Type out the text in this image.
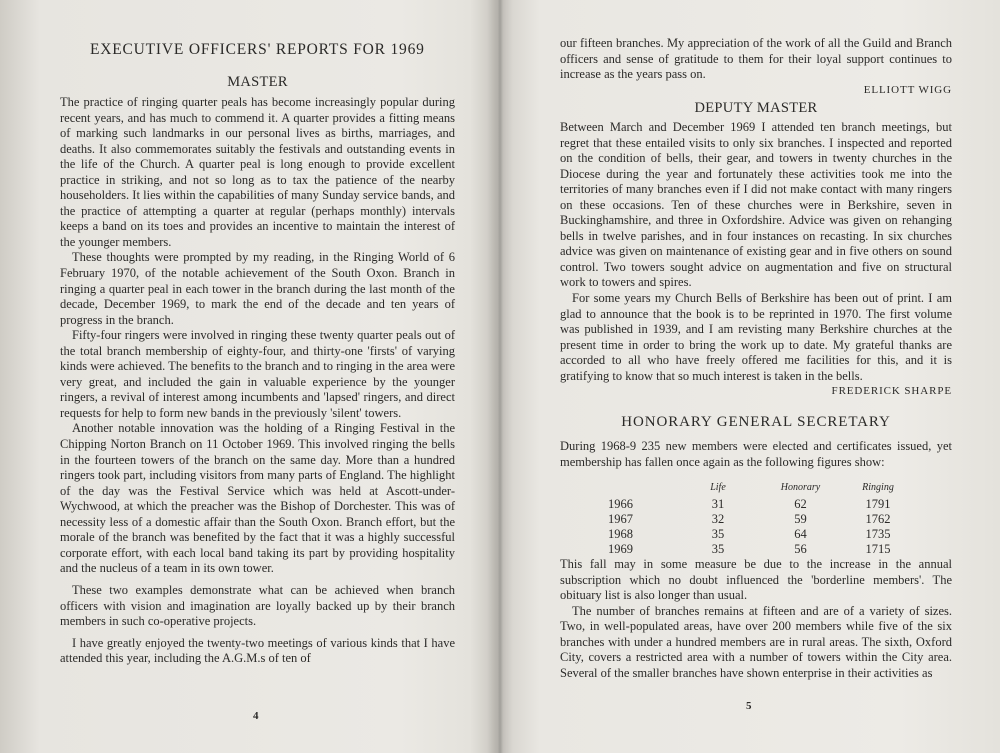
EXECUTIVE OFFICERS' REPORTS FOR 1969
MASTER

The practice of ringing quarter peals has become increasingly popular during recent years, and has much to commend it. A quarter provides a fitting means of marking such landmarks in our personal lives as births, marriages, and deaths. It also commemorates suitably the festivals and outstanding events in the life of the Church. A quarter peal is long enough to provide excellent practice in striking, and not so long as to tax the patience of the nearby householders. It lies within the capabilities of many Sunday service bands, and the practice of attempting a quarter at regular (perhaps monthly) intervals keeps a band on its toes and provides an incentive to maintain the interest of the younger members.

These thoughts were prompted by my reading, in the Ringing World of 6 February 1970, of the notable achievement of the South Oxon. Branch in ringing a quarter peal in each tower in the branch during the last month of the decade, December 1969, to mark the end of the decade and ten years of progress in the branch.

Fifty-four ringers were involved in ringing these twenty quarter peals out of the total branch membership of eighty-four, and thirty-one 'firsts' of varying kinds were achieved. The benefits to the branch and to ringing in the area were very great, and included the gain in valuable experience by the younger ringers, a revival of interest among incumbents and 'lapsed' ringers, and direct requests for help to form new bands in the previously 'silent' towers.

Another notable innovation was the holding of a Ringing Festival in the Chipping Norton Branch on 11 October 1969. This involved ringing the bells in the fourteen towers of the branch on the same day. More than a hundred ringers took part, including visitors from many parts of England. The highlight of the day was the Festival Service which was held at Ascott-under-Wychwood, at which the preacher was the Bishop of Dorchester. This was of necessity less of a domestic affair than the South Oxon. Branch effort, but the morale of the branch was benefited by the fact that it was a highly successful corporate effort, with each local band taking its part by providing hospitality and the nucleus of a team in its own tower.

These two examples demonstrate what can be achieved when branch officers with vision and imagination are loyally backed up by their branch members in such co-operative projects.

I have greatly enjoyed the twenty-two meetings of various kinds that I have attended this year, including the A.G.M.s of ten of

4

our fifteen branches. My appreciation of the work of all the Guild and Branch officers and sense of gratitude to them for their loyal support continues to increase as the years pass on.

ELLIOTT WIGG

DEPUTY MASTER

Between March and December 1969 I attended ten branch meetings, but regret that these entailed visits to only six branches. I inspected and reported on the condition of bells, their gear, and towers in twenty churches in the Diocese during the year and fortunately these activities took me into the territories of many branches even if I did not make contact with many ringers on these occasions. Ten of these churches were in Berkshire, seven in Buckinghamshire, and three in Oxfordshire. Advice was given on rehanging bells in twelve parishes, and in four instances on recasting. In six churches advice was given on maintenance of existing gear and in five others on sound control. Two towers sought advice on augmentation and five on structural work to towers and spires.

For some years my Church Bells of Berkshire has been out of print. I am glad to announce that the book is to be reprinted in 1970. The first volume was published in 1939, and I am revisting many Berkshire churches at the present time in order to bring the work up to date. My grateful thanks are accorded to all who have freely offered me facilities for this, and it is gratifying to know that so much interest is taken in the bells.

FREDERICK SHARPE

HONORARY GENERAL SECRETARY

During 1968-9 235 new members were elected and certificates issued, yet membership has fallen once again as the following figures show:

	Life	Honorary	Ringing
1966	31	62	1791
1967	32	59	1762
1968	35	64	1735
1969	35	56	1715

This fall may in some measure be due to the increase in the annual subscription which no doubt influenced the 'borderline members'. The obituary list is also longer than usual.

The number of branches remains at fifteen and are of a variety of sizes. Two, in well-populated areas, have over 200 members while five of the six branches with under a hundred members are in rural areas. The sixth, Oxford City, covers a restricted area with a number of towers within the City area. Several of the smaller branches have shown enterprise in their activities as

5
